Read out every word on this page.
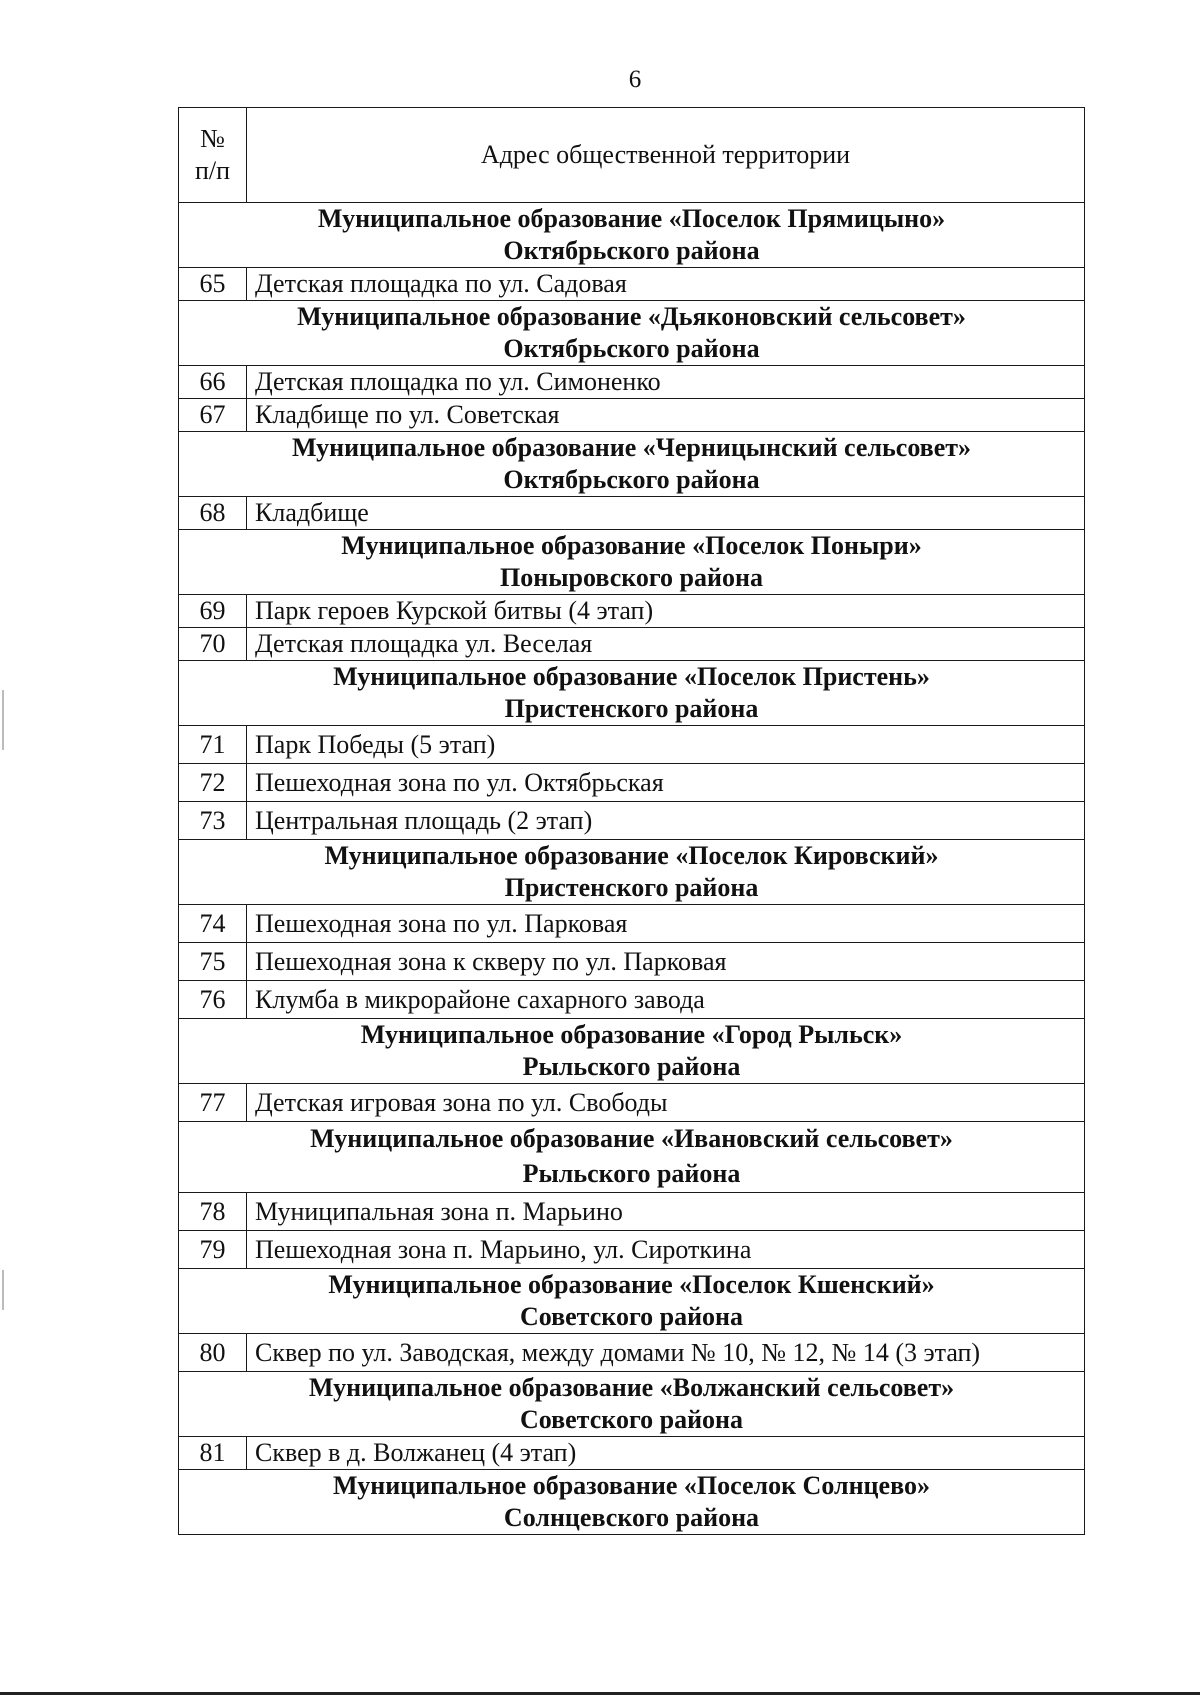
6
№
п/п	Адрес общественной территории

Муниципальное образование «Поселок Прямицыно»
Октябрьского района	

65	Детская площадка по ул. Садовая

Муниципальное образование «Дьяконовский сельсовет»
Октябрьского района	

66	Детская площадка по ул. Симоненко
67	Кладбище по ул. Советская

Муниципальное образование «Черницынский сельсовет»
Октябрьского района	

68	Кладбище

Муниципальное образование «Поселок Поныри»
Поныровского района	

69	Парк героев Курской битвы (4 этап)
70	Детская площадка ул. Веселая

Муниципальное образование «Поселок Пристень»
Пристенского района	

71	Парк Победы (5 этап)
72	Пешеходная зона по ул. Октябрьская
73	Центральная площадь (2 этап)

Муниципальное образование «Поселок Кировский»
Пристенского района	

74	Пешеходная зона по ул. Парковая
75	Пешеходная зона к скверу по ул. Парковая
76	Клумба в микрорайоне сахарного завода

Муниципальное образование «Город Рыльск»
Рыльского района	

77	Детская игровая зона по ул. Свободы

Муниципальное образование «Ивановский сельсовет»
Рыльского района	

78	Муниципальная зона п. Марьино
79	Пешеходная зона п. Марьино, ул. Сироткина

Муниципальное образование «Поселок Кшенский»
Советского района	

80	Сквер по ул. Заводская, между домами № 10, № 12, № 14 (3 этап)

Муниципальное образование «Волжанский сельсовет»
Советского района	

81	Сквер в д. Волжанец (4 этап)

Муниципальное образование «Поселок Солнцево»
Солнцевского района	
